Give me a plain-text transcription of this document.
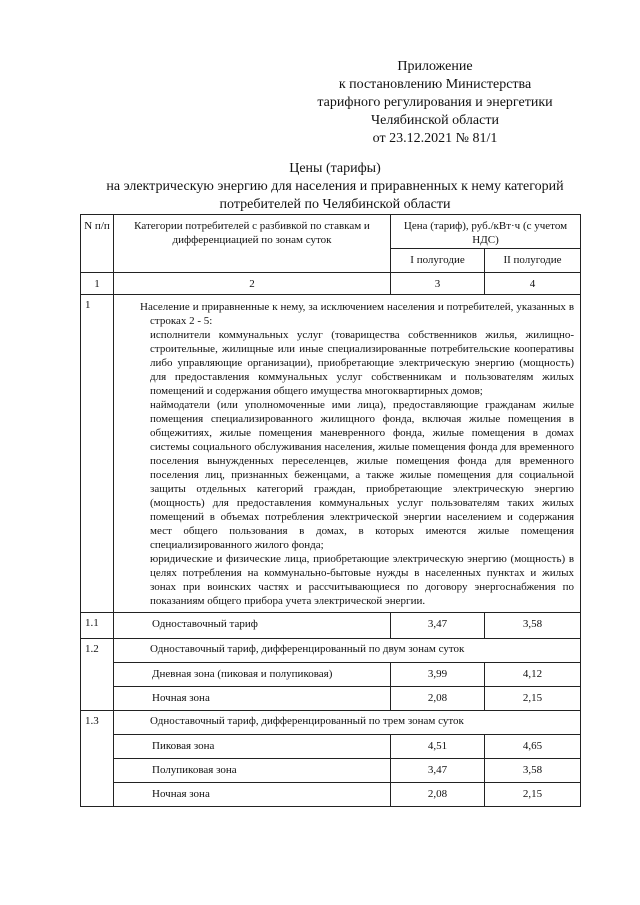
Приложение
к постановлению Министерства
тарифного регулирования и энергетики
Челябинской области
от 23.12.2021 № 81/1
Цены (тарифы)
на электрическую энергию для населения и приравненных к нему категорий
потребителей по Челябинской области
N п/п	Категории потребителей с разбивкой по ставкам и дифференциацией по зонам суток	Цена (тариф), руб./кВт·ч (с учетом НДС)	
		I полугодие	II полугодие
1	2	3	4
1	Население и приравненные к нему, за исключением населения и потребителей, указанных в строках 2 - 5:

исполнители коммунальных услуг (товарищества собственников жилья, жилищно-строительные, жилищные или иные специализированные потребительские кооперативы либо управляющие организации), приобретающие электрическую энергию (мощность) для предоставления коммунальных услуг собственникам и пользователям жилых помещений и содержания общего имущества многоквартирных домов;

наймодатели (или уполномоченные ими лица), предоставляющие гражданам жилые помещения специализированного жилищного фонда, включая жилые помещения в общежитиях, жилые помещения маневренного фонда, жилые помещения в домах системы социального обслуживания населения, жилые помещения фонда для временного поселения вынужденных переселенцев, жилые помещения фонда для временного поселения лиц, признанных беженцами, а также жилые помещения для социальной защиты отдельных категорий граждан, приобретающие электрическую энергию (мощность) для предоставления коммунальных услуг пользователям таких жилых помещений в объемах потребления электрической энергии населением и содержания мест общего пользования в домах, в которых имеются жилые помещения специализированного жилого фонда;

юридические и физические лица, приобретающие электрическую энергию (мощность) в целях потребления на коммунально-бытовые нужды в населенных пунктах и жилых зонах при воинских частях и рассчитывающиеся по договору энергоснабжения по показаниям общего прибора учета электрической энергии.		

1.1	Одноставочный тариф	3,47	3,58
1.2	Одноставочный тариф, дифференцированный по двум зонам суток		
	Дневная зона (пиковая и полупиковая)	3,99	4,12
	Ночная зона	2,08	2,15
1.3	Одноставочный тариф, дифференцированный по трем зонам суток		
	Пиковая зона	4,51	4,65
	Полупиковая зона	3,47	3,58
	Ночная зона	2,08	2,15
